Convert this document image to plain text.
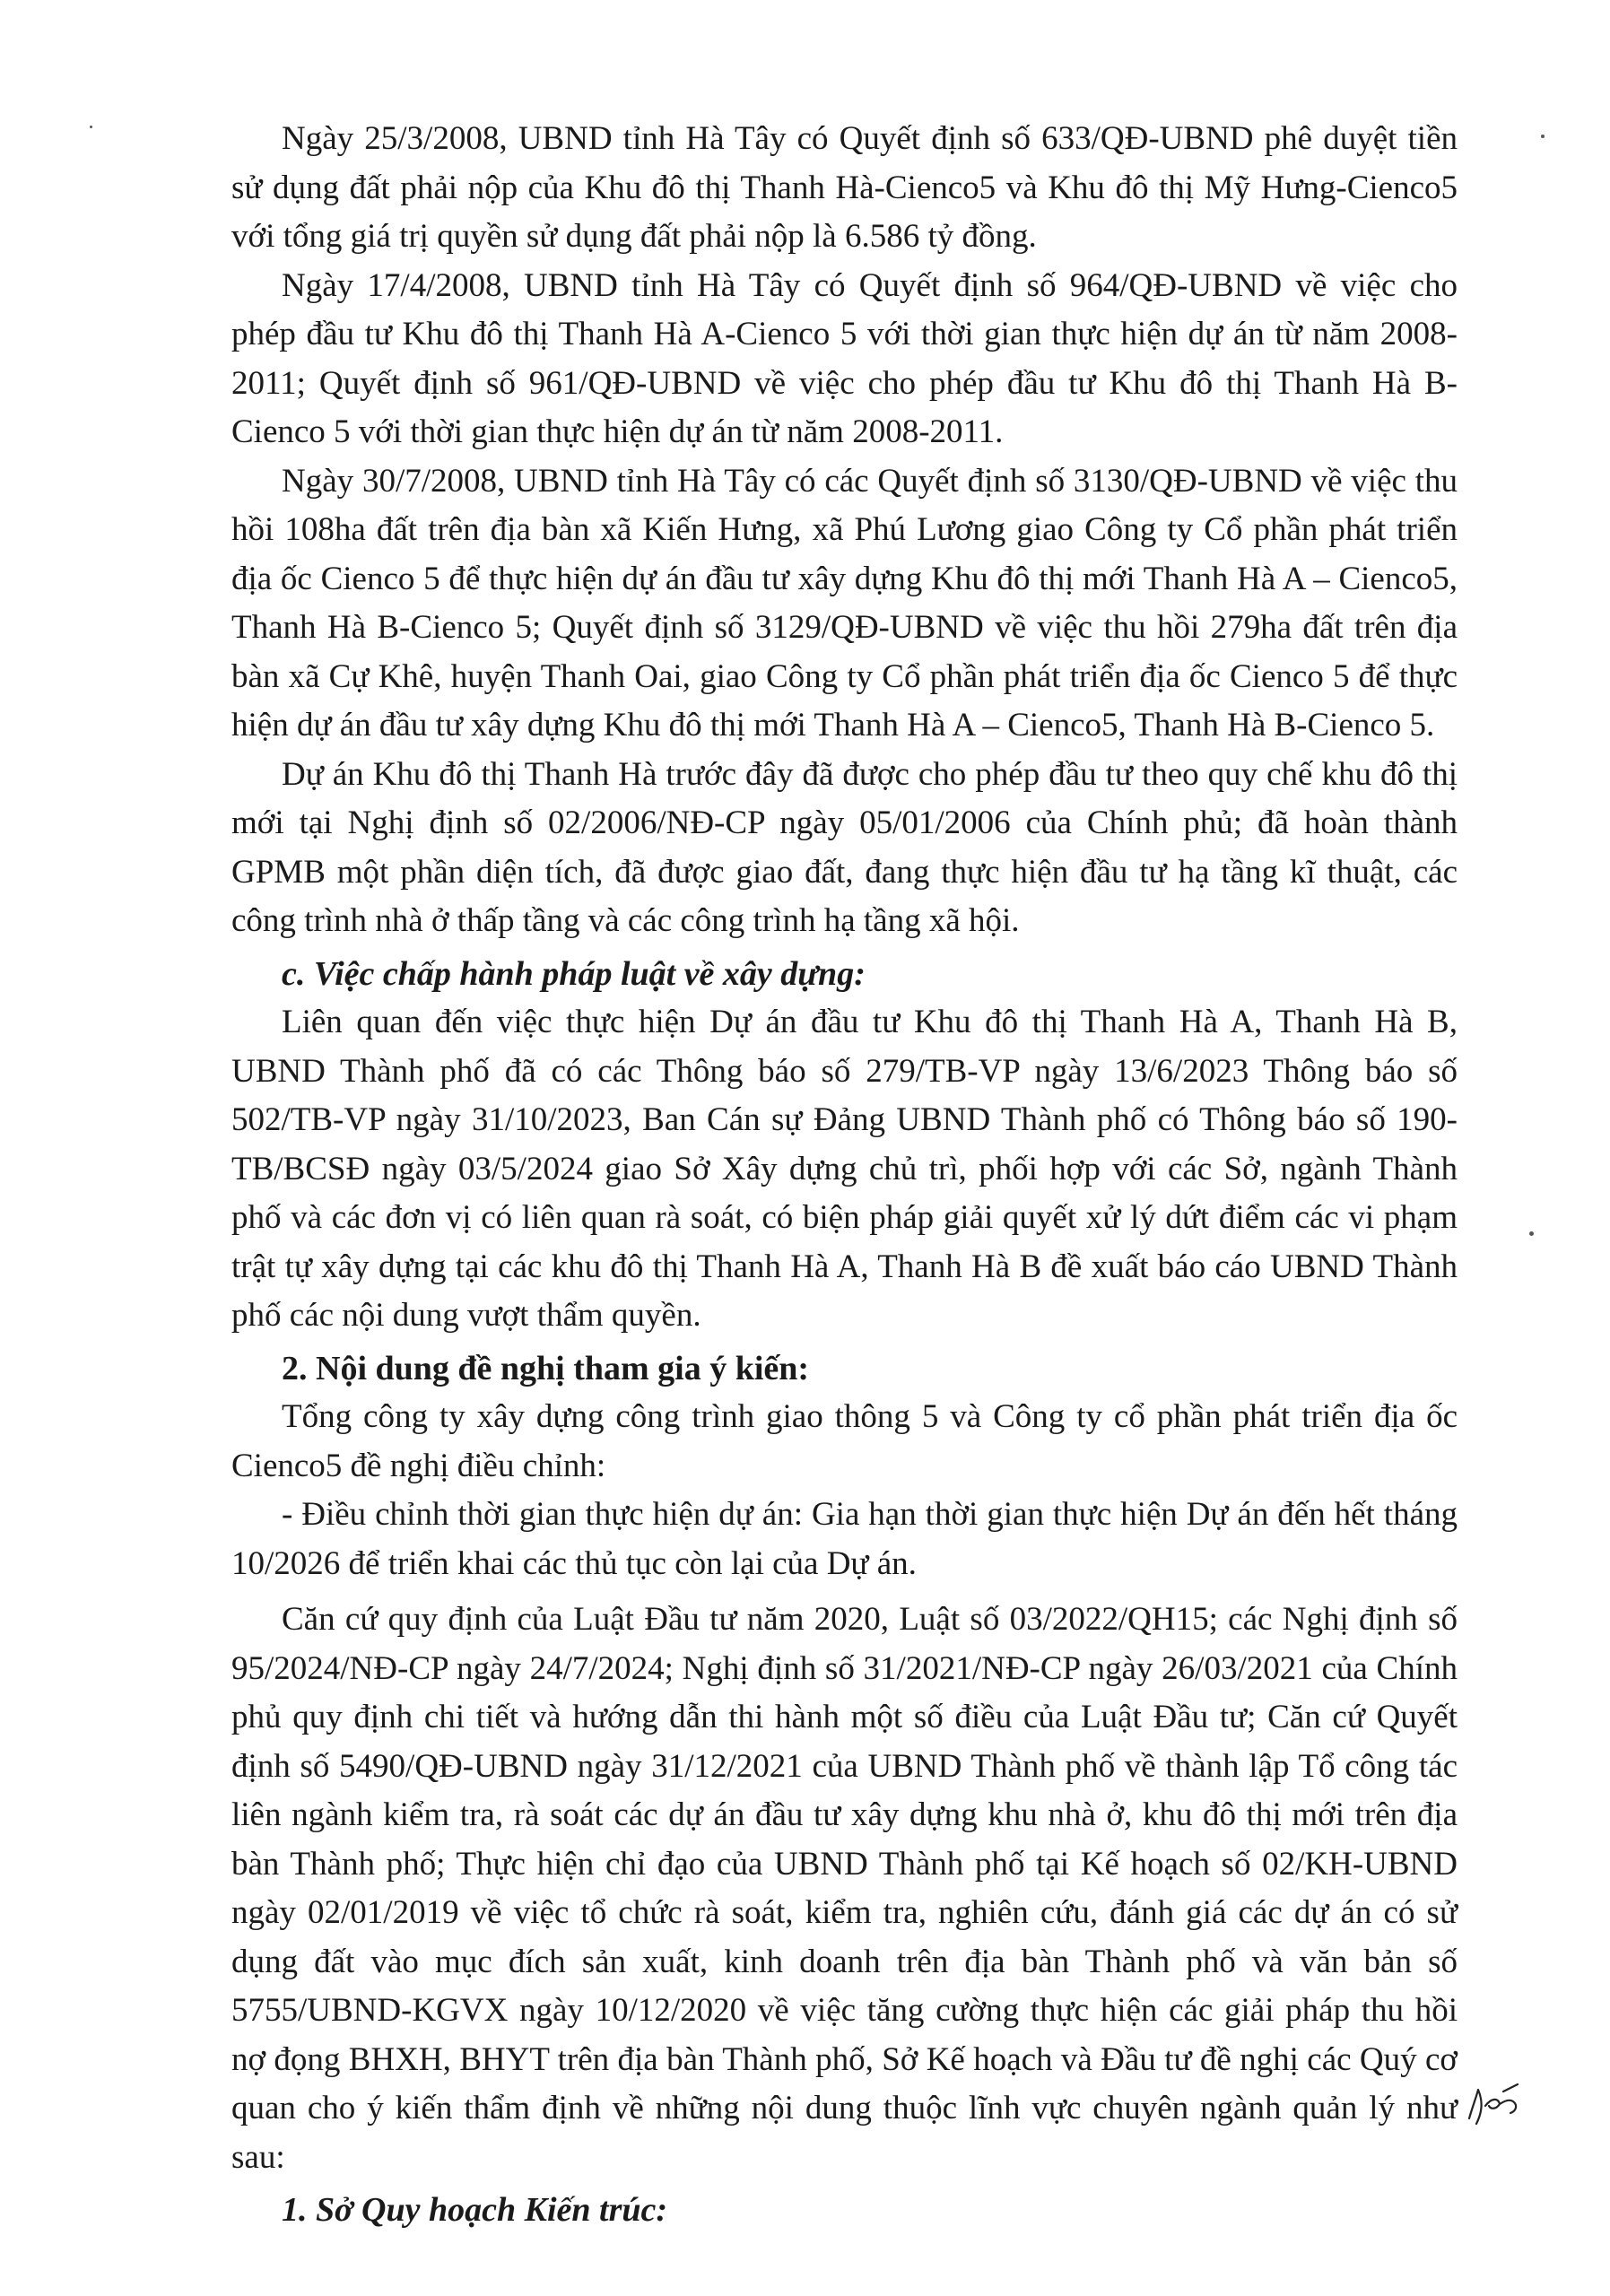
Ngày 25/3/2008, UBND tỉnh Hà Tây có Quyết định số 633/QĐ-UBND phê duyệt tiền sử dụng đất phải nộp của Khu đô thị Thanh Hà-Cienco5 và Khu đô thị Mỹ Hưng-Cienco5 với tổng giá trị quyền sử dụng đất phải nộp là 6.586 tỷ đồng.

Ngày 17/4/2008, UBND tỉnh Hà Tây có Quyết định số 964/QĐ-UBND về việc cho phép đầu tư Khu đô thị Thanh Hà A-Cienco 5 với thời gian thực hiện dự án từ năm 2008-2011; Quyết định số 961/QĐ-UBND về việc cho phép đầu tư Khu đô thị Thanh Hà B-Cienco 5 với thời gian thực hiện dự án từ năm 2008-2011.

Ngày 30/7/2008, UBND tỉnh Hà Tây có các Quyết định số 3130/QĐ-UBND về việc thu hồi 108ha đất trên địa bàn xã Kiến Hưng, xã Phú Lương giao Công ty Cổ phần phát triển địa ốc Cienco 5 để thực hiện dự án đầu tư xây dựng Khu đô thị mới Thanh Hà A – Cienco5, Thanh Hà B-Cienco 5; Quyết định số 3129/QĐ-UBND về việc thu hồi 279ha đất trên địa bàn xã Cự Khê, huyện Thanh Oai, giao Công ty Cổ phần phát triển địa ốc Cienco 5 để thực hiện dự án đầu tư xây dựng Khu đô thị mới Thanh Hà A – Cienco5, Thanh Hà B-Cienco 5.

Dự án Khu đô thị Thanh Hà trước đây đã được cho phép đầu tư theo quy chế khu đô thị mới tại Nghị định số 02/2006/NĐ-CP ngày 05/01/2006 của Chính phủ; đã hoàn thành GPMB một phần diện tích, đã được giao đất, đang thực hiện đầu tư hạ tầng kĩ thuật, các công trình nhà ở thấp tầng và các công trình hạ tầng xã hội.

c. Việc chấp hành pháp luật về xây dựng:

Liên quan đến việc thực hiện Dự án đầu tư Khu đô thị Thanh Hà A, Thanh Hà B, UBND Thành phố đã có các Thông báo số 279/TB-VP ngày 13/6/2023 Thông báo số 502/TB-VP ngày 31/10/2023, Ban Cán sự Đảng UBND Thành phố có Thông báo số 190-TB/BCSĐ ngày 03/5/2024 giao Sở Xây dựng chủ trì, phối hợp với các Sở, ngành Thành phố và các đơn vị có liên quan rà soát, có biện pháp giải quyết xử lý dứt điểm các vi phạm trật tự xây dựng tại các khu đô thị Thanh Hà A, Thanh Hà B đề xuất báo cáo UBND Thành phố các nội dung vượt thẩm quyền.

2. Nội dung đề nghị tham gia ý kiến:

Tổng công ty xây dựng công trình giao thông 5 và Công ty cổ phần phát triển địa ốc Cienco5 đề nghị điều chỉnh:

- Điều chỉnh thời gian thực hiện dự án: Gia hạn thời gian thực hiện Dự án đến hết tháng 10/2026 để triển khai các thủ tục còn lại của Dự án.

Căn cứ quy định của Luật Đầu tư năm 2020, Luật số 03/2022/QH15; các Nghị định số 95/2024/NĐ-CP ngày 24/7/2024; Nghị định số 31/2021/NĐ-CP ngày 26/03/2021 của Chính phủ quy định chi tiết và hướng dẫn thi hành một số điều của Luật Đầu tư; Căn cứ Quyết định số 5490/QĐ-UBND ngày 31/12/2021 của UBND Thành phố về thành lập Tổ công tác liên ngành kiểm tra, rà soát các dự án đầu tư xây dựng khu nhà ở, khu đô thị mới trên địa bàn Thành phố; Thực hiện chỉ đạo của UBND Thành phố tại Kế hoạch số 02/KH-UBND ngày 02/01/2019 về việc tổ chức rà soát, kiểm tra, nghiên cứu, đánh giá các dự án có sử dụng đất vào mục đích sản xuất, kinh doanh trên địa bàn Thành phố và văn bản số 5755/UBND-KGVX ngày 10/12/2020 về việc tăng cường thực hiện các giải pháp thu hồi nợ đọng BHXH, BHYT trên địa bàn Thành phố, Sở Kế hoạch và Đầu tư đề nghị các Quý cơ quan cho ý kiến thẩm định về những nội dung thuộc lĩnh vực chuyên ngành quản lý như sau:

1. Sở Quy hoạch Kiến trúc:
